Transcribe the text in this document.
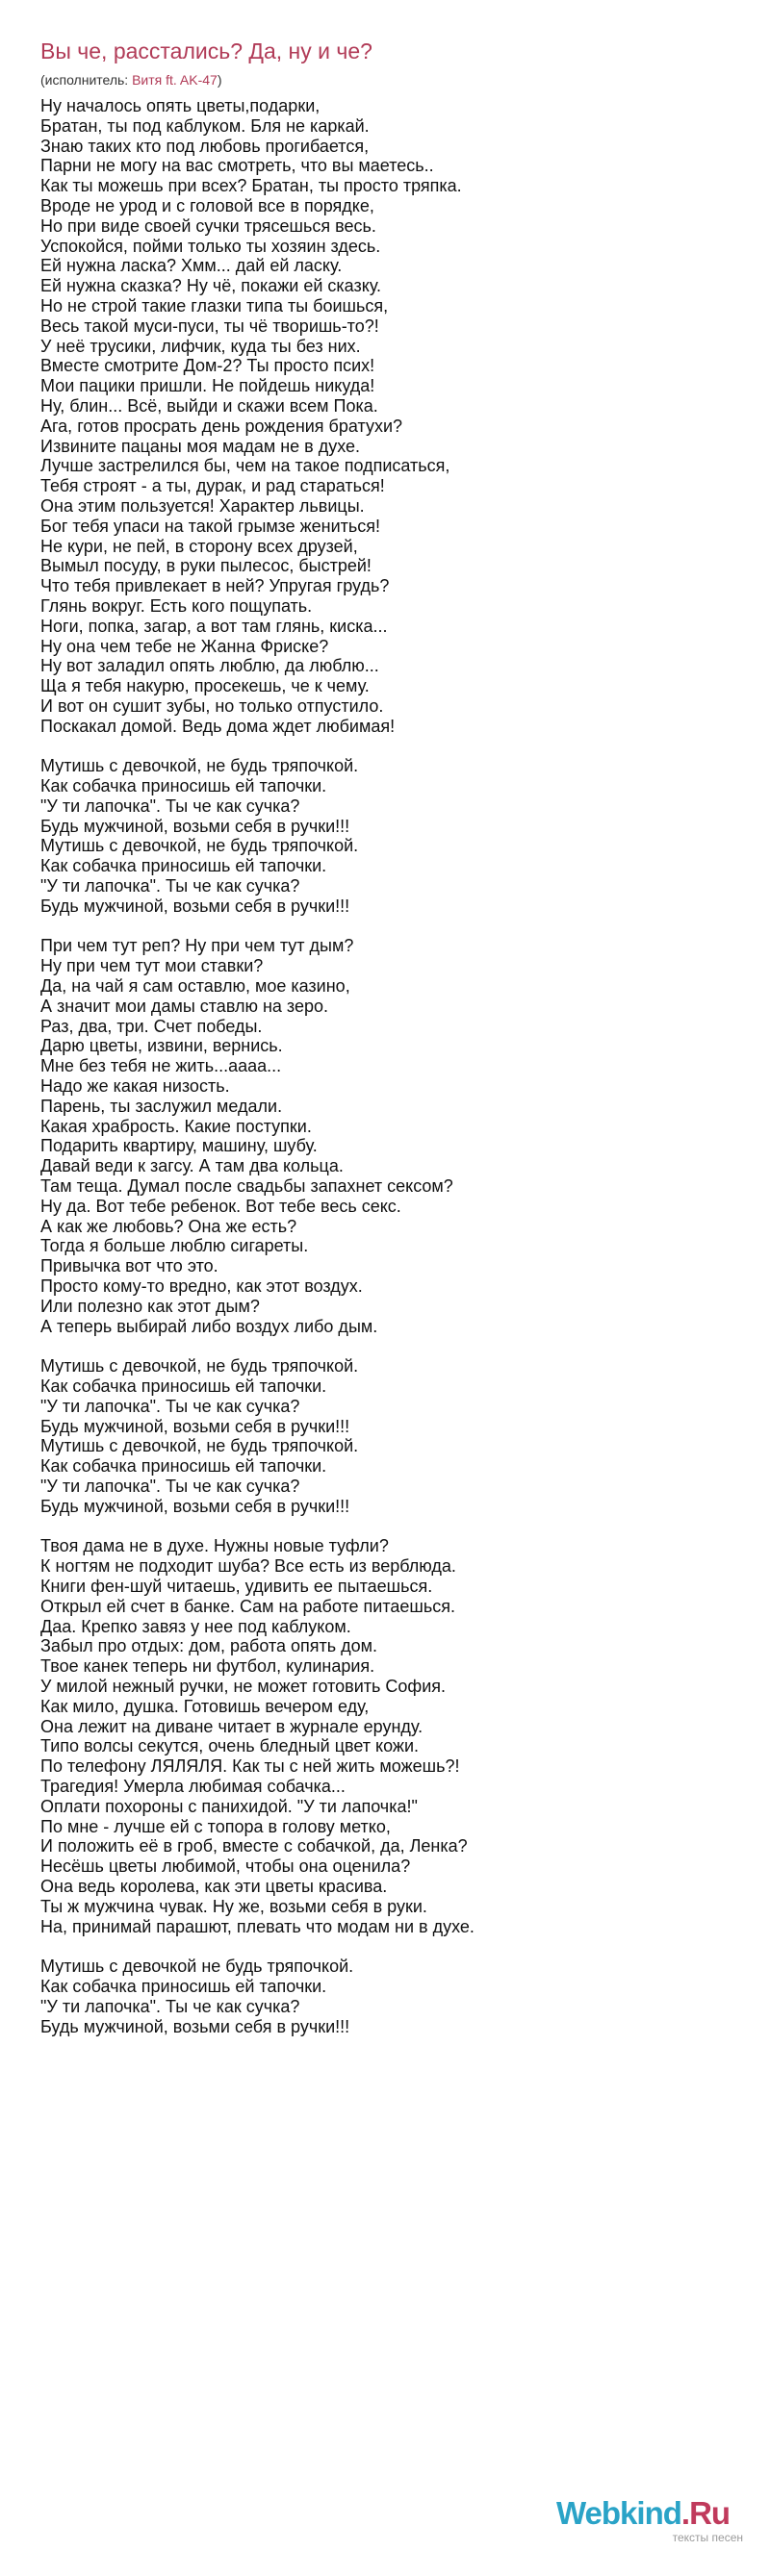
Вы че, расстались? Да, ну и че?
(исполнитель: Витя ft. AK-47)
Ну началось опять цветы,подарки,
Братан, ты под каблуком. Бля не каркай.
Знаю таких кто под любовь прогибается,
Парни не могу на вас смотреть, что вы маетесь..
Как ты можешь при всех? Братан, ты просто тряпка.
Вроде не урод и с головой все в порядке,
Но при виде своей сучки трясешься весь.
Успокойся, пойми только ты хозяин здесь.
Ей нужна ласка? Хмм... дай ей ласку.
Ей нужна сказка? Ну чё, покажи ей сказку.
Но не строй такие глазки типа ты боишься,
Весь такой муси-пуси, ты чё творишь-то?!
У неё трусики, лифчик, куда ты без них.
Вместе смотрите Дом-2? Ты просто псих!
Мои пацики пришли. Не пойдешь никуда!
Ну, блин... Всё, выйди и скажи всем Пока.
Ага, готов просрать день рождения братухи?
Извините пацаны моя мадам не в духе.
Лучше застрелился бы, чем на такое подписаться,
Тебя строят - а ты, дурак, и рад стараться!
Она этим пользуется! Характер львицы.
Бог тебя упаси на такой грымзе жениться!
Не кури, не пей, в сторону всех друзей,
Вымыл посуду, в руки пылесос, быстрей!
Что тебя привлекает в ней? Упругая грудь?
Глянь вокруг. Есть кого пощупать.
Ноги, попка, загар, а вот там глянь, киска...
Ну она чем тебе не Жанна Фриске?
Ну вот заладил опять люблю, да люблю...
Ща я тебя накурю, просекешь, че к чему.
И вот он сушит зубы, но только отпустило.
Поскакал домой. Ведь дома ждет любимая!
Мутишь с девочкой, не будь тряпочкой.
Как собачка приносишь ей тапочки.
"У ти лапочка". Ты че как сучка?
Будь мужчиной, возьми себя в ручки!!!
Мутишь с девочкой, не будь тряпочкой.
Как собачка приносишь ей тапочки.
"У ти лапочка". Ты че как сучка?
Будь мужчиной, возьми себя в ручки!!!
При чем тут реп? Ну при чем тут дым?
Ну при чем тут мои ставки?
Да, на чай я сам оставлю, мое казино,
А значит мои дамы ставлю на зеро.
Раз, два, три. Счет победы.
Дарю цветы, извини, вернись.
Мне без тебя не жить...аааа...
Надо же какая низость.
Парень, ты заслужил медали.
Какая храбрость. Какие поступки.
Подарить квартиру, машину, шубу.
Давай веди к загсу. А там два кольца.
Там теща. Думал после свадьбы запахнет сексом?
Ну да. Вот тебе ребенок. Вот тебе весь секс.
А как же любовь? Она же есть?
Тогда я больше люблю сигареты.
Привычка вот что это.
Просто кому-то вредно, как этот воздух.
Или полезно как этот дым?
А теперь выбирай либо воздух либо дым.
Мутишь с девочкой, не будь тряпочкой.
Как собачка приносишь ей тапочки.
"У ти лапочка". Ты че как сучка?
Будь мужчиной, возьми себя в ручки!!!
Мутишь с девочкой, не будь тряпочкой.
Как собачка приносишь ей тапочки.
"У ти лапочка". Ты че как сучка?
Будь мужчиной, возьми себя в ручки!!!
Твоя дама не в духе. Нужны новые туфли?
К ногтям не подходит шуба? Все есть из верблюда.
Книги фен-шуй читаешь, удивить ее пытаешься.
Открыл ей счет в банке. Сам на работе питаешься.
Даа. Крепко завяз у нее под каблуком.
Забыл про отдых: дом, работа опять дом.
Твое канек теперь ни футбол, кулинария.
У милой нежный ручки, не может готовить София.
Как мило, душка. Готовишь вечером еду,
Она лежит на диване читает в журнале ерунду.
Типо волсы секутся, очень бледный цвет кожи.
По телефону ЛЯЛЯЛЯ. Как ты с ней жить можешь?!
Трагедия! Умерла любимая собачка...
Оплати похороны с панихидой. "У ти лапочка!"
По мне - лучше ей с топора в голову метко,
И положить её в гроб, вместе с собачкой, да, Ленка?
Несёшь цветы любимой, чтобы она оценила?
Она ведь королева, как эти цветы красива.
Ты ж мужчина чувак. Ну же, возьми себя в руки.
На, принимай парашют, плевать что модам ни в духе.
Мутишь с девочкой не будь тряпочкой.
Как собачка приносишь ей тапочки.
"У ти лапочка". Ты че как сучка?
Будь мужчиной, возьми себя в ручки!!!
Webkind.Ru
тексты песен
